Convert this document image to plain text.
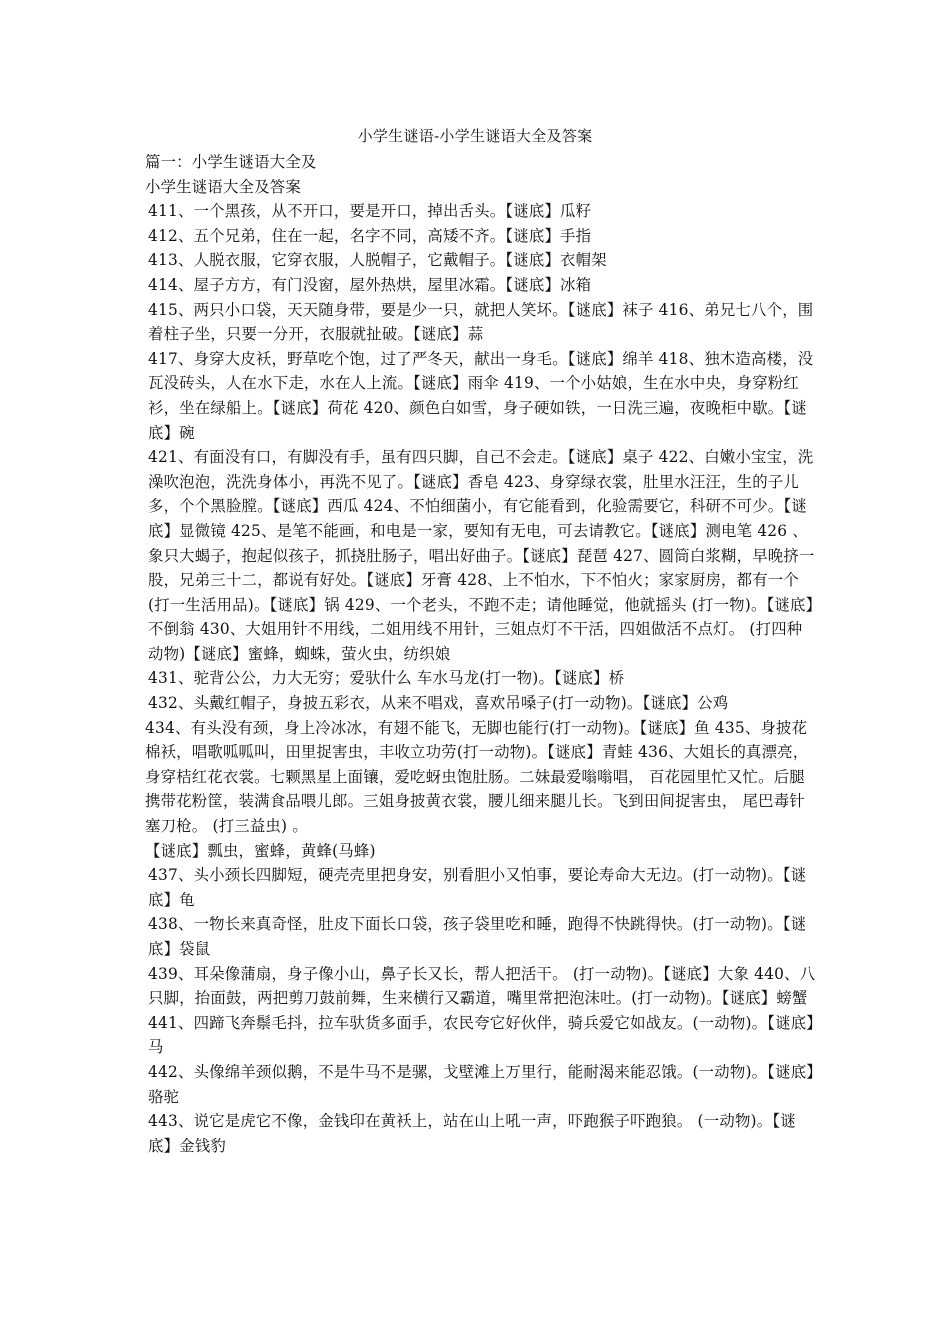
小学生谜语-小学生谜语大全及答案

篇一：小学生谜语大全及

小学生谜语大全及答案

411、一个黑孩，从不开口，要是开口，掉出舌头。【谜底】瓜籽

412、五个兄弟，住在一起，名字不同，高矮不齐。【谜底】手指

413、人脱衣服，它穿衣服，人脱帽子，它戴帽子。【谜底】衣帽架

414、屋子方方，有门没窗，屋外热烘，屋里冰霜。【谜底】冰箱

415、两只小口袋，天天随身带，要是少一只，就把人笑坏。【谜底】袜子 416、弟兄七八个，围着柱子坐，只要一分开，衣服就扯破。【谜底】蒜

417、身穿大皮袄，野草吃个饱，过了严冬天，献出一身毛。【谜底】绵羊 418、独木造高楼，没瓦没砖头，人在水下走，水在人上流。【谜底】雨伞 419、一个小姑娘，生在水中央，身穿粉红衫，坐在绿船上。【谜底】荷花 420、颜色白如雪，身子硬如铁，一日洗三遍，夜晚柜中歇。【谜底】碗

421、有面没有口，有脚没有手，虽有四只脚，自己不会走。【谜底】桌子 422、白嫩小宝宝，洗澡吹泡泡，洗洗身体小，再洗不见了。【谜底】香皂 423、身穿绿衣裳，肚里水汪汪，生的子儿多，个个黑脸膛。【谜底】西瓜 424、不怕细菌小，有它能看到，化验需要它，科研不可少。【谜底】显微镜 425、是笔不能画，和电是一家，要知有无电，可去请教它。【谜底】测电笔 426 、象只大蝎子，抱起似孩子，抓挠肚肠子，唱出好曲子。【谜底】琵琶 427、圆筒白浆糊，早晚挤一股，兄弟三十二，都说有好处。【谜底】牙膏 428、上不怕水，下不怕火；家家厨房，都有一个 (打一生活用品)。【谜底】锅 429、一个老头，不跑不走；请他睡觉，他就摇头 (打一物)。【谜底】不倒翁 430、大姐用针不用线，二姐用线不用针，三姐点灯不干活，四姐做活不点灯。 (打四种动物)【谜底】蜜蜂，蜘蛛，萤火虫，纺织娘

431、驼背公公，力大无穷；爱驮什么 车水马龙(打一物)。【谜底】桥

432、头戴红帽子，身披五彩衣，从来不唱戏，喜欢吊嗓子(打一动物)。【谜底】公鸡

434、有头没有颈，身上冷冰冰，有翅不能飞，无脚也能行(打一动物)。【谜底】鱼 435、身披花棉袄，唱歌呱呱叫，田里捉害虫，丰收立功劳(打一动物)。【谜底】青蛙 436、大姐长的真漂亮，身穿桔红花衣裳。七颗黑星上面镶，爱吃蚜虫饱肚肠。二妹最爱嗡嗡唱， 百花园里忙又忙。后腿携带花粉筐，装满食品喂儿郎。三姐身披黄衣裳，腰儿细来腿儿长。飞到田间捉害虫， 尾巴毒针塞刀枪。 (打三益虫) 。

【谜底】瓢虫，蜜蜂，黄蜂(马蜂)

437、头小颈长四脚短，硬壳壳里把身安，别看胆小又怕事，要论寿命大无边。(打一动物)。【谜底】龟

438、一物长来真奇怪，肚皮下面长口袋，孩子袋里吃和睡，跑得不快跳得快。(打一动物)。【谜底】袋鼠

439、耳朵像蒲扇，身子像小山，鼻子长又长，帮人把活干。 (打一动物)。【谜底】大象 440、八只脚，抬面鼓，两把剪刀鼓前舞，生来横行又霸道，嘴里常把泡沫吐。(打一动物)。【谜底】螃蟹

441、四蹄飞奔鬃毛抖，拉车驮货多面手，农民夸它好伙伴，骑兵爱它如战友。(一动物)。【谜底】马

442、头像绵羊颈似鹅，不是牛马不是骡，戈壁滩上万里行，能耐渴来能忍饿。(一动物)。【谜底】骆驼

443、说它是虎它不像，金钱印在黄袄上，站在山上吼一声，吓跑猴子吓跑狼。 (一动物)。【谜底】金钱豹
